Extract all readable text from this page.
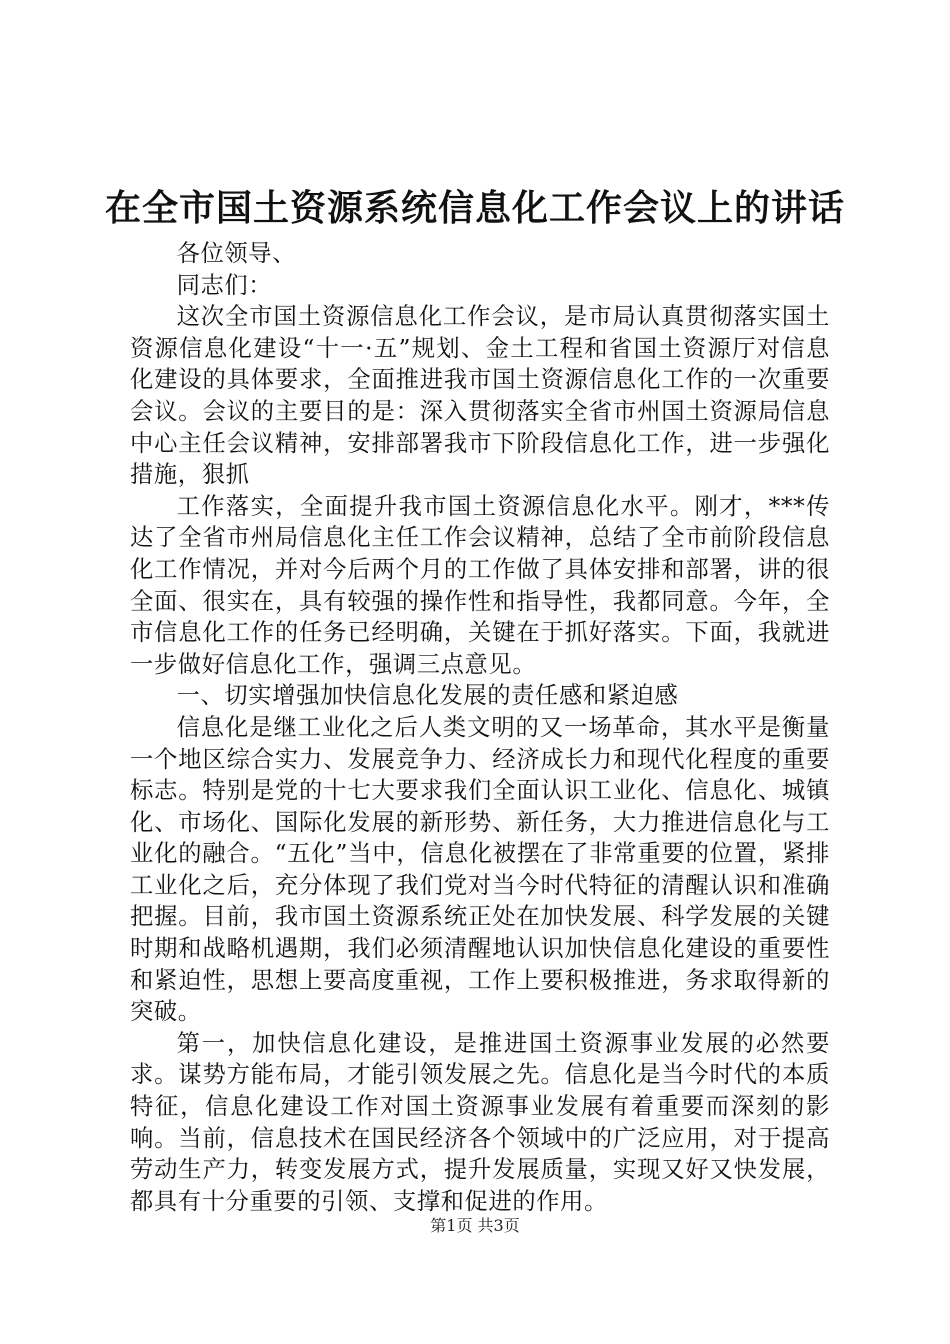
在全市国土资源系统信息化工作会议上的讲话

各位领导、

同志们：

这次全市国土资源信息化工作会议，是市局认真贯彻落实国土资源信息化建设“十一·五”规划、金土工程和省国土资源厅对信息化建设的具体要求，全面推进我市国土资源信息化工作的一次重要会议。会议的主要目的是：深入贯彻落实全省市州国土资源局信息中心主任会议精神，安排部署我市下阶段信息化工作，进一步强化措施，狠抓

工作落实，全面提升我市国土资源信息化水平。刚才，***传达了全省市州局信息化主任工作会议精神，总结了全市前阶段信息化工作情况，并对今后两个月的工作做了具体安排和部署，讲的很全面、很实在，具有较强的操作性和指导性，我都同意。今年，全市信息化工作的任务已经明确，关键在于抓好落实。下面，我就进一步做好信息化工作，强调三点意见。

一、切实增强加快信息化发展的责任感和紧迫感

信息化是继工业化之后人类文明的又一场革命，其水平是衡量一个地区综合实力、发展竞争力、经济成长力和现代化程度的重要标志。特别是党的十七大要求我们全面认识工业化、信息化、城镇化、市场化、国际化发展的新形势、新任务，大力推进信息化与工业化的融合。“五化”当中，信息化被摆在了非常重要的位置，紧排工业化之后，充分体现了我们党对当今时代特征的清醒认识和准确把握。目前，我市国土资源系统正处在加快发展、科学发展的关键时期和战略机遇期，我们必须清醒地认识加快信息化建设的重要性和紧迫性，思想上要高度重视，工作上要积极推进，务求取得新的突破。

第一，加快信息化建设，是推进国土资源事业发展的必然要求。谋势方能布局，才能引领发展之先。信息化是当今时代的本质特征，信息化建设工作对国土资源事业发展有着重要而深刻的影响。当前，信息技术在国民经济各个领域中的广泛应用，对于提高劳动生产力，转变发展方式，提升发展质量，实现又好又快发展，都具有十分重要的引领、支撑和促进的作用。

第1页 共3页
